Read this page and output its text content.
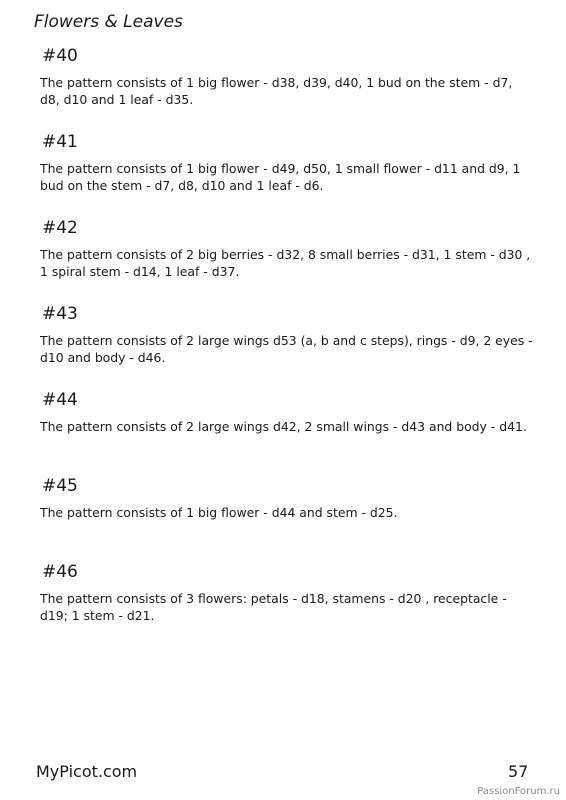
Flowers & Leaves
#40

The pattern consists of 1 big flower - d38, d39, d40, 1 bud on the stem - d7, d8, d10 and 1 leaf - d35.

#41

The pattern consists of 1 big flower - d49, d50, 1 small flower - d11 and d9, 1 bud on the stem - d7, d8, d10 and 1 leaf - d6.

#42

The pattern consists of 2 big berries - d32, 8 small berries - d31, 1 stem - d30 , 1 spiral stem - d14, 1 leaf - d37.

#43

The pattern consists of 2 large wings d53 (a, b and c steps), rings - d9, 2 eyes - d10 and body - d46.

#44

The pattern consists of 2 large wings d42, 2 small wings - d43 and body - d41.

#45

The pattern consists of 1 big flower - d44 and stem - d25.

#46

The pattern consists of 3 flowers: petals - d18, stamens - d20 , receptacle - d19; 1 stem - d21.

MyPicot.com	57
PassionForum.ru
